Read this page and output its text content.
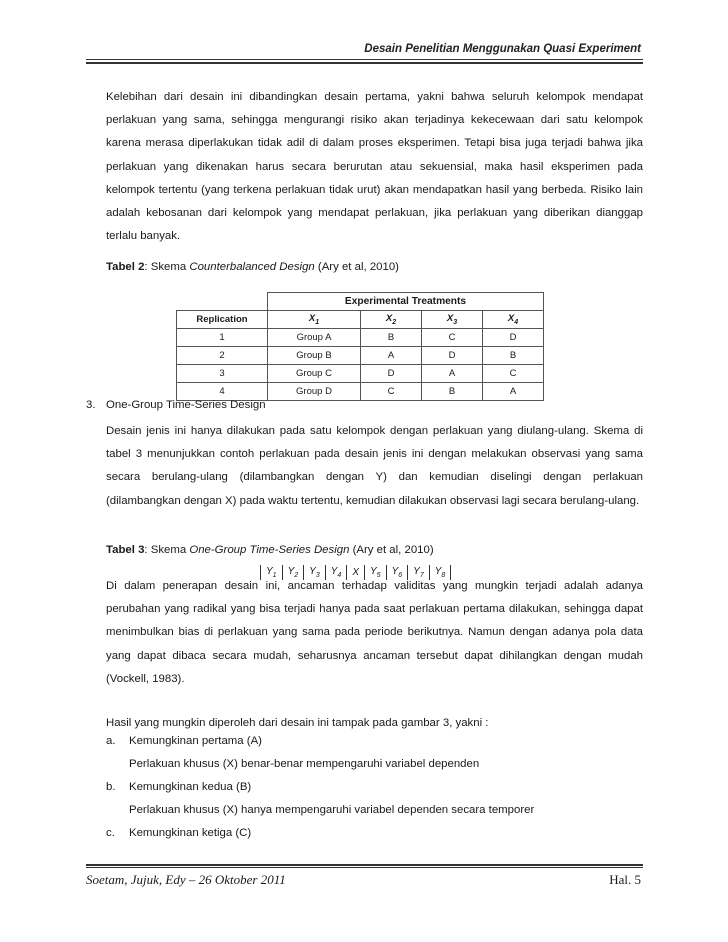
Desain Penelitian Menggunakan Quasi Experiment

Kelebihan dari desain ini dibandingkan desain pertama, yakni bahwa seluruh kelompok mendapat perlakuan yang sama, sehingga mengurangi risiko akan terjadinya kekecewaan dari satu kelompok karena merasa diperlakukan tidak adil di dalam proses eksperimen. Tetapi bisa juga terjadi bahwa jika perlakuan yang dikenakan harus secara berurutan atau sekuensial, maka hasil eksperimen pada kelompok tertentu (yang terkena perlakuan tidak urut) akan mendapatkan hasil yang berbeda. Risiko lain adalah kebosanan dari kelompok yang mendapat perlakuan, jika perlakuan yang diberikan dianggap terlalu banyak.

Tabel 2: Skema Counterbalanced Design (Ary et al, 2010)
	Experimental Treatments			
Replication	$X_1$	$X_2$	$X_3$	$X_4$
1	Group A	B	C	D
2	Group B	A	D	B
3	Group C	D	A	C
4	Group D	C	B	A
3. One-Group Time-Series Design

Desain jenis ini hanya dilakukan pada satu kelompok dengan perlakuan yang diulang-ulang. Skema di tabel 3 menunjukkan contoh perlakuan pada desain jenis ini dengan melakukan observasi yang sama secara berulang-ulang (dilambangkan dengan Y) dan kemudian diselingi dengan perlakuan (dilambangkan dengan X) pada waktu tertentu, kemudian dilakukan observasi lagi secara berulang-ulang.

Tabel 3: Skema One-Group Time-Series Design (Ary et al, 2010)
$Y_1$ $Y_2$ $Y_3$ $Y_4$ X $Y_5$ $Y_6$ $Y_7$ $Y_8$

Di dalam penerapan desain ini, ancaman terhadap validitas yang mungkin terjadi adalah adanya perubahan yang radikal yang bisa terjadi hanya pada saat perlakuan pertama dilakukan, sehingga dapat menimbulkan bias di perlakuan yang sama pada periode berikutnya. Namun dengan adanya pola data yang dapat dibaca secara mudah, seharusnya ancaman tersebut dapat dihilangkan dengan mudah (Vockell, 1983).

Hasil yang mungkin diperoleh dari desain ini tampak pada gambar 3, yakni :

a. Kemungkinan pertama (A)
Perlakuan khusus (X) benar-benar mempengaruhi variabel dependen
b. Kemungkinan kedua (B)
Perlakuan khusus (X) hanya mempengaruhi variabel dependen secara temporer
c. Kemungkinan ketiga (C)
Soetam, Jujuk, Edy – 26 Oktober 2011	Hal. 5
